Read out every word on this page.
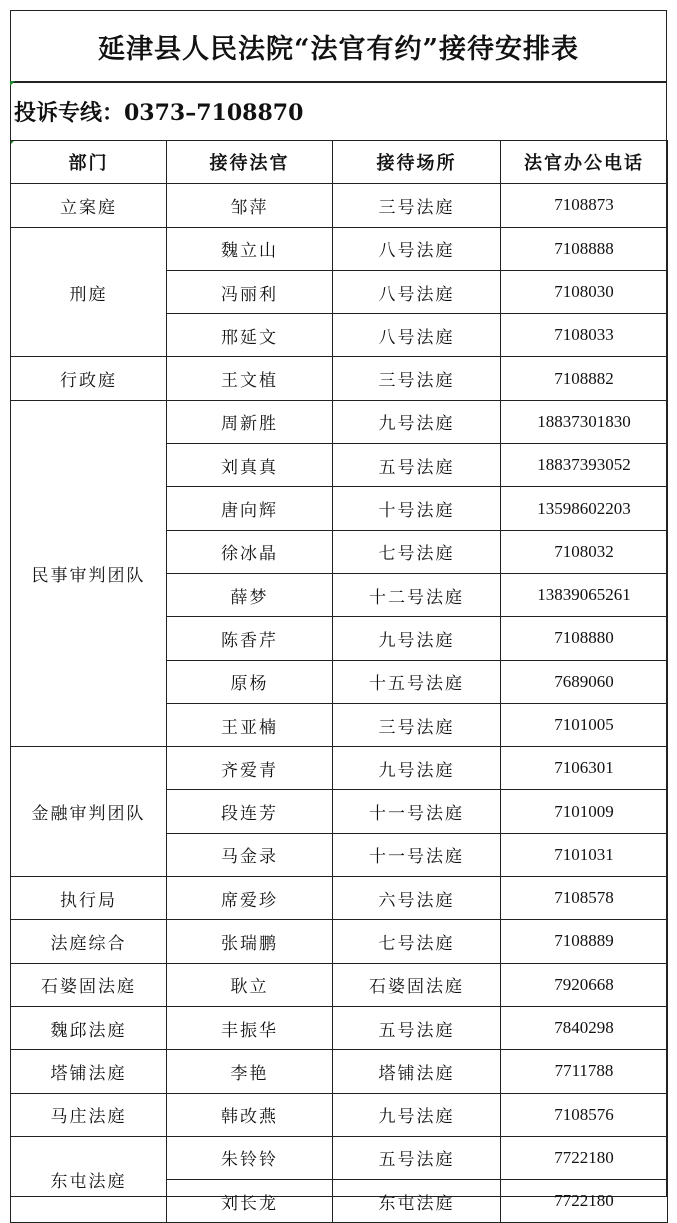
延津县人民法院“法官有约”接待安排表
投诉专线：0373–7108870
部门	接待法官	接待场所	法官办公电话
立案庭	邹萍	三号法庭	7108873
刑庭	魏立山	八号法庭	7108888
	冯丽利	八号法庭	7108030
	邢延文	八号法庭	7108033
行政庭	王文植	三号法庭	7108882
民事审判团队	周新胜	九号法庭	18837301830
	刘真真	五号法庭	18837393052
	唐向辉	十号法庭	13598602203
	徐冰晶	七号法庭	7108032
	薛梦	十二号法庭	13839065261
	陈香芹	九号法庭	7108880
	原杨	十五号法庭	7689060
	王亚楠	三号法庭	7101005
金融审判团队	齐爱青	九号法庭	7106301
	段连芳	十一号法庭	7101009
	马金录	十一号法庭	7101031
执行局	席爱珍	六号法庭	7108578
法庭综合	张瑞鹏	七号法庭	7108889
石婆固法庭	耿立	石婆固法庭	7920668
魏邱法庭	丰振华	五号法庭	7840298
塔铺法庭	李艳	塔铺法庭	7711788
马庄法庭	韩改燕	九号法庭	7108576
东屯法庭	朱铃铃	五号法庭	7722180
	刘长龙	东屯法庭	7722180
